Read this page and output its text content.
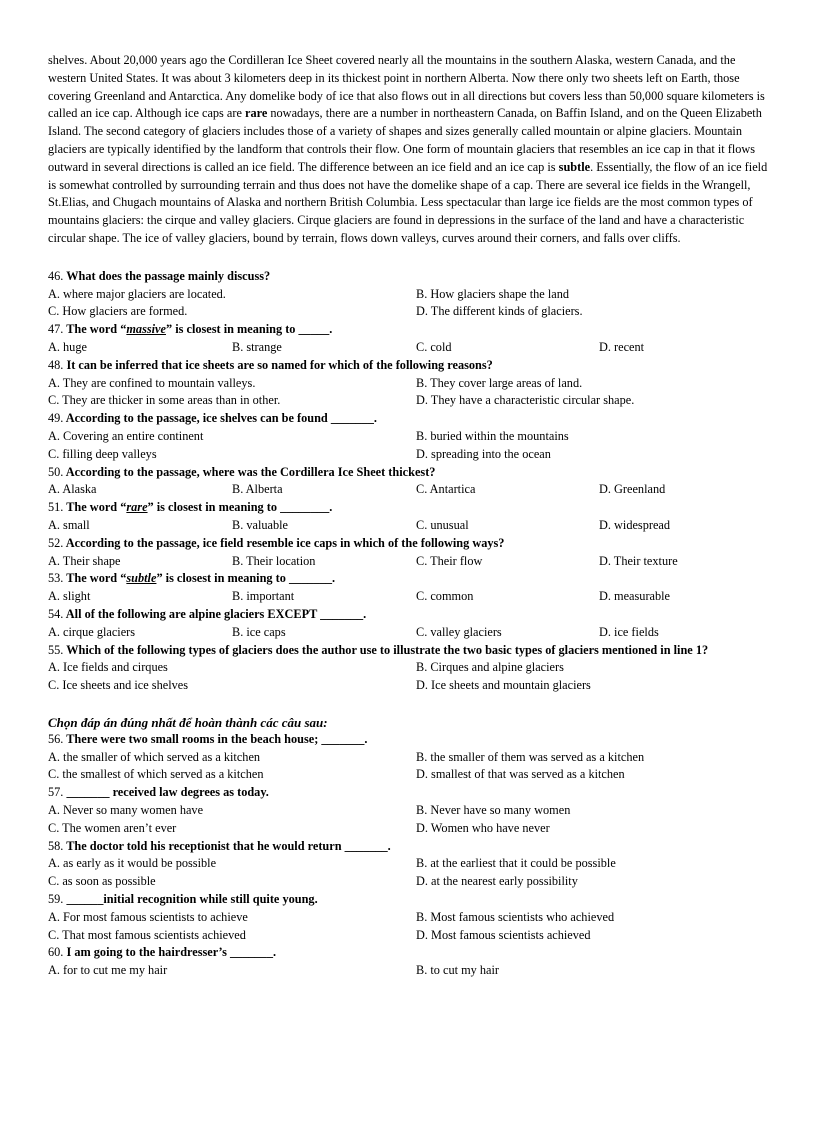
shelves. About 20,000 years ago the Cordilleran Ice Sheet covered nearly all the mountains in the southern Alaska, western Canada, and the western United States. It was about 3 kilometers deep in its thickest point in northern Alberta. Now there only two sheets left on Earth, those covering Greenland and Antarctica. Any domelike body of ice that also flows out in all directions but covers less than 50,000 square kilometers is called an ice cap. Although ice caps are rare nowadays, there are a number in northeastern Canada, on Baffin Island, and on the Queen Elizabeth Island. The second category of glaciers includes those of a variety of shapes and sizes generally called mountain or alpine glaciers. Mountain glaciers are typically identified by the landform that controls their flow. One form of mountain glaciers that resembles an ice cap in that it flows outward in several directions is called an ice field. The difference between an ice field and an ice cap is subtle. Essentially, the flow of an ice field is somewhat controlled by surrounding terrain and thus does not have the domelike shape of a cap. There are several ice fields in the Wrangell, St.Elias, and Chugach mountains of Alaska and northern British Columbia. Less spectacular than large ice fields are the most common types of mountains glaciers: the cirque and valley glaciers. Cirque glaciers are found in depressions in the surface of the land and have a characteristic circular shape. The ice of valley glaciers, bound by terrain, flows down valleys, curves around their corners, and falls over cliffs.

46. What does the passage mainly discuss?
A. where major glaciers are located.	B. How glaciers shape the land
C. How glaciers are formed.	D. The different kinds of glaciers.
47. The word “massive” is closest in meaning to _____.
A. huge	B. strange	C. cold	D. recent
48. It can be inferred that ice sheets are so named for which of the following reasons?
A. They are confined to mountain valleys.	B. They cover large areas of land.
C. They are thicker in some areas than in other.	D. They have a characteristic circular shape.
49. According to the passage, ice shelves can be found _______.
A. Covering an entire continent	B. buried within the mountains
C. filling deep valleys	D. spreading into the ocean
50. According to the passage, where was the Cordillera Ice Sheet thickest?
A. Alaska	B. Alberta	C. Antartica	D. Greenland
51. The word “rare” is closest in meaning to ________.
A. small	B. valuable	C. unusual	D. widespread
52. According to the passage, ice field resemble ice caps in which of the following ways?
A. Their shape	B. Their location	C. Their flow	D. Their texture
53. The word “subtle” is closest in meaning to _______.
A. slight	B. important	C. common	D. measurable
54. All of the following are alpine glaciers EXCEPT _______.
A. cirque glaciers	B. ice caps	C. valley glaciers	D. ice fields
55. Which of the following types of glaciers does the author use to illustrate the two basic types of glaciers mentioned in line 1?
A. Ice fields and cirques	B. Cirques and alpine glaciers
C. Ice sheets and ice shelves	D. Ice sheets and mountain glaciers
Chọn đáp án đúng nhất để hoàn thành các câu sau:
56. There were two small rooms in the beach house; _______.
A. the smaller of which served as a kitchen	B. the smaller of them was served as a kitchen
C. the smallest of which served as a kitchen	D. smallest of that was served as a kitchen
57. _______ received law degrees as today.
A. Never so many women have	B. Never have so many women
C. The women aren’t ever	D. Women who have never
58. The doctor told his receptionist that he would return _______.
A. as early as it would be possible	B. at the earliest that it could be possible
C. as soon as possible	D. at the nearest early possibility
59. ______initial recognition while still quite young.
A. For most famous scientists to achieve	B. Most famous scientists who achieved
C. That most famous scientists achieved	D. Most famous scientists achieved
60. I am going to the hairdresser’s _______.
A. for to cut me my hair	B. to cut my hair
